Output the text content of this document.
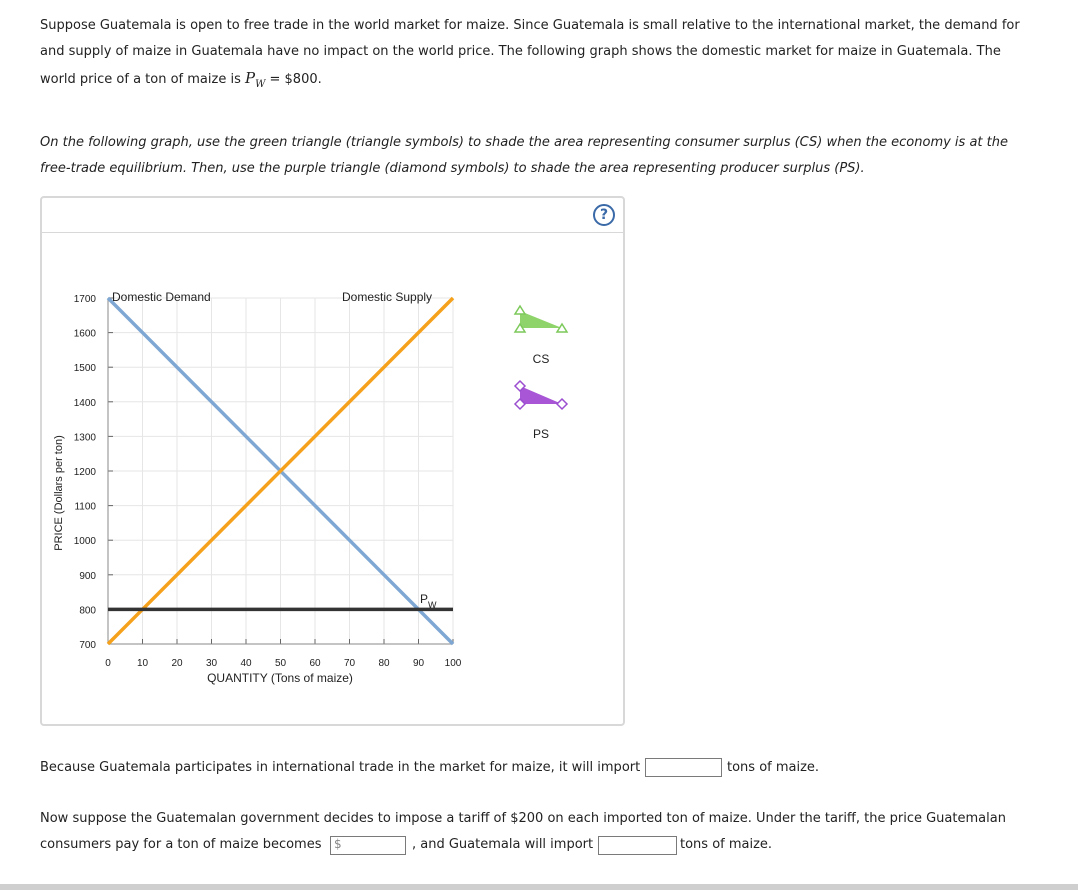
Suppose Guatemala is open to free trade in the world market for maize. Since Guatemala is small relative to the international market, the demand for
and supply of maize in Guatemala have no impact on the world price. The following graph shows the domestic market for maize in Guatemala. The
world price of a ton of maize is $P_W$ = $800.
On the following graph, use the green triangle (triangle symbols) to shade the area representing consumer surplus (CS) when the economy is at the
free-trade equilibrium. Then, use the purple triangle (diamond symbols) to shade the area representing producer surplus (PS).
?
0	10 20 30 40 50 60 70 80 90 100
700
800
900
1000
1100
1200
1300
1400
1500
1600
1700 Domestic Demand	Domestic Supply
$P_W$
PRICE (Dollars per ton)
QUANTITY (Tons of maize)
CS
PS
Because Guatemala participates in international trade in the market for maize, it will import	tons of maize.
Now suppose the Guatemalan government decides to impose a tariff of $200 on each imported ton of maize. Under the tariff, the price Guatemalan
consumers pay for a ton of maize becomes	$	, and Guatemala will import	tons of maize.
